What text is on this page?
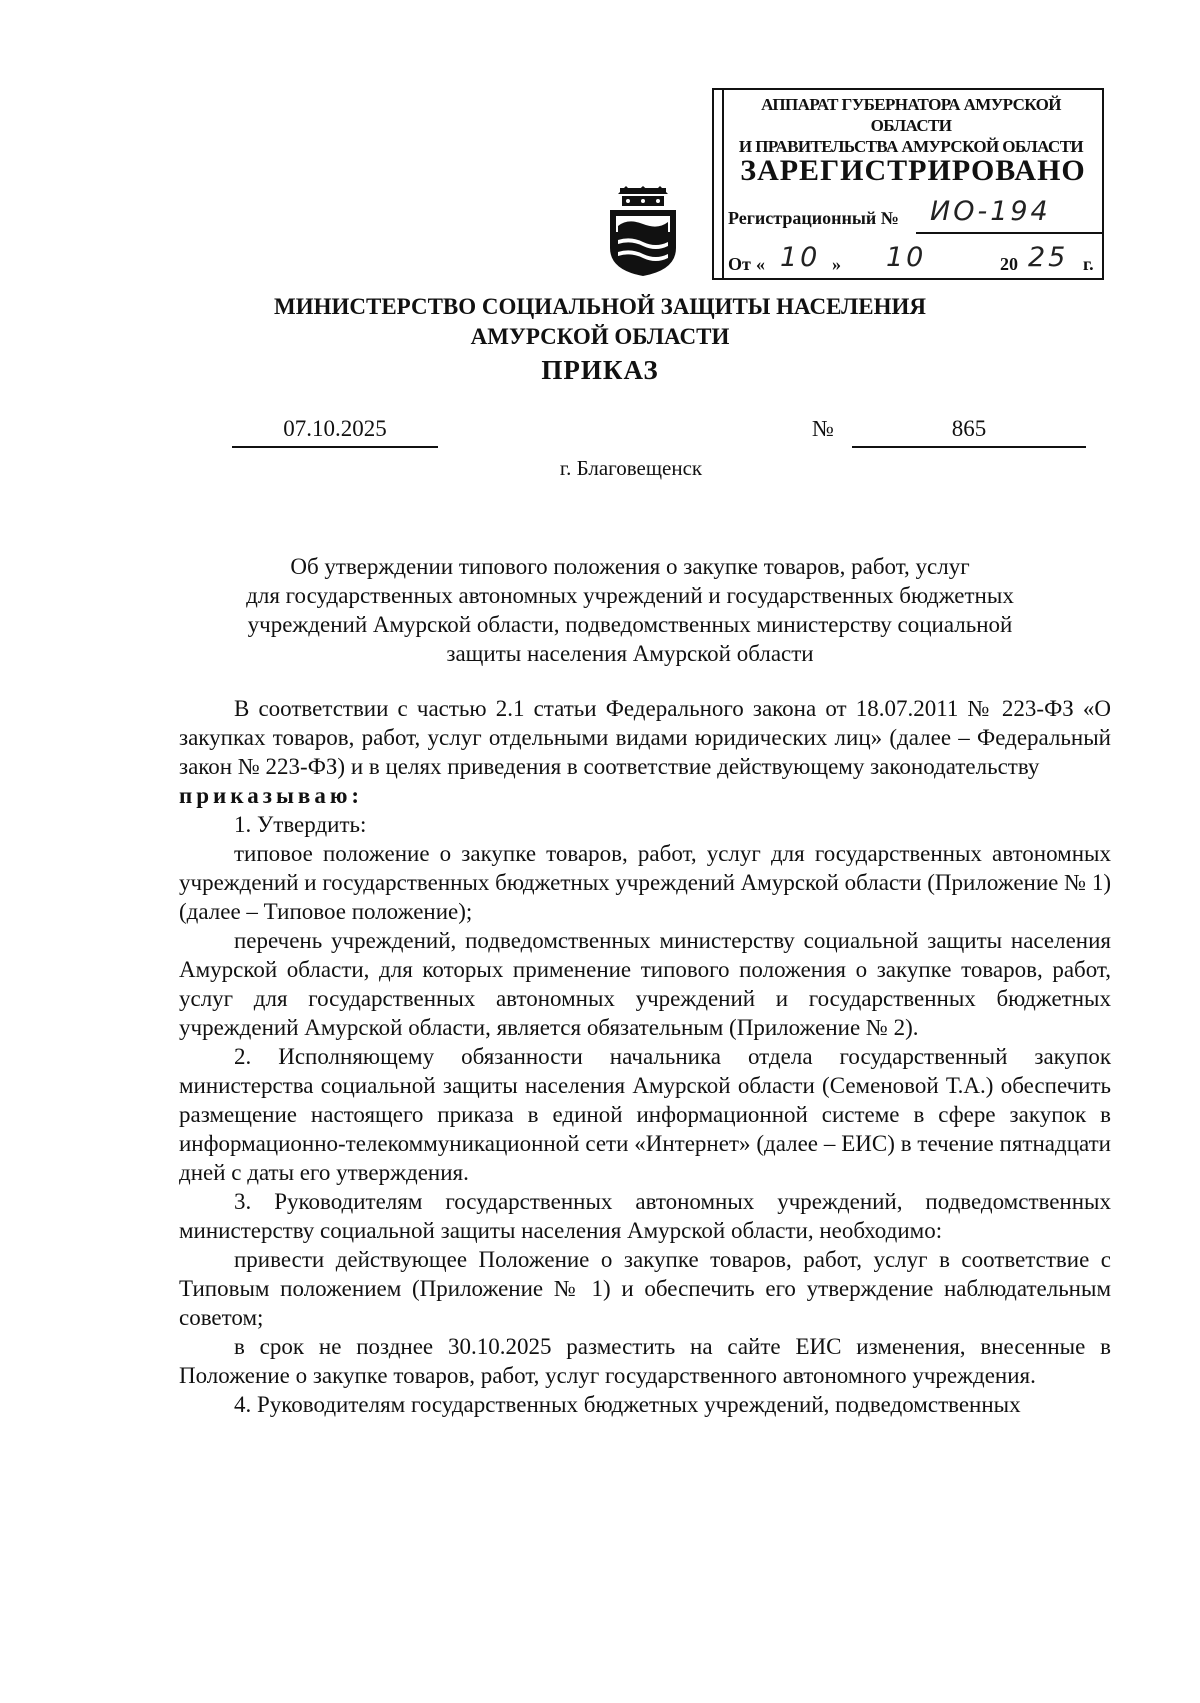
АППАРАТ ГУБЕРНАТОРА АМУРСКОЙ ОБЛАСТИ
И ПРАВИТЕЛЬСТВА АМУРСКОЙ ОБЛАСТИ
ЗАРЕГИСТРИРОВАНО
Регистрационный № ИО-194
От « 10 » 10	20 25 г.
МИНИСТЕРСТВО СОЦИАЛЬНОЙ ЗАЩИТЫ НАСЕЛЕНИЯ
АМУРСКОЙ ОБЛАСТИ
ПРИКАЗ
07.10.2025	№	865
г. Благовещенск
Об утверждении типового положения о закупке товаров, работ, услуг
для государственных автономных учреждений и государственных бюджетных
учреждений Амурской области, подведомственных министерству социальной
защиты населения Амурской области

В соответствии с частью 2.1 статьи Федерального закона от 18.07.2011 № 223-ФЗ «О закупках товаров, работ, услуг отдельными видами юридических лиц» (далее – Федеральный закон № 223-ФЗ) и в целях приведения в соответствие действующему законодательству

приказываю:

1. Утвердить:

типовое положение о закупке товаров, работ, услуг для государственных автономных учреждений и государственных бюджетных учреждений Амурской области (Приложение № 1) (далее – Типовое положение);

перечень учреждений, подведомственных министерству социальной защиты населения Амурской области, для которых применение типового положения о закупке товаров, работ, услуг для государственных автономных учреждений и государственных бюджетных учреждений Амурской области, является обязательным (Приложение № 2).

2. Исполняющему обязанности начальника отдела государственный закупок министерства социальной защиты населения Амурской области (Семеновой Т.А.) обеспечить размещение настоящего приказа в единой информационной системе в сфере закупок в информационно-телекоммуникационной сети «Интернет» (далее – ЕИС) в течение пятнадцати дней с даты его утверждения.

3. Руководителям государственных автономных учреждений, подведомственных министерству социальной защиты населения Амурской области, необходимо:

привести действующее Положение о закупке товаров, работ, услуг в соответствие с Типовым положением (Приложение № 1) и обеспечить его утверждение наблюдательным советом;

в срок не позднее 30.10.2025 разместить на сайте ЕИС изменения, внесенные в Положение о закупке товаров, работ, услуг государственного автономного учреждения.

4. Руководителям государственных бюджетных учреждений, подведомственных
